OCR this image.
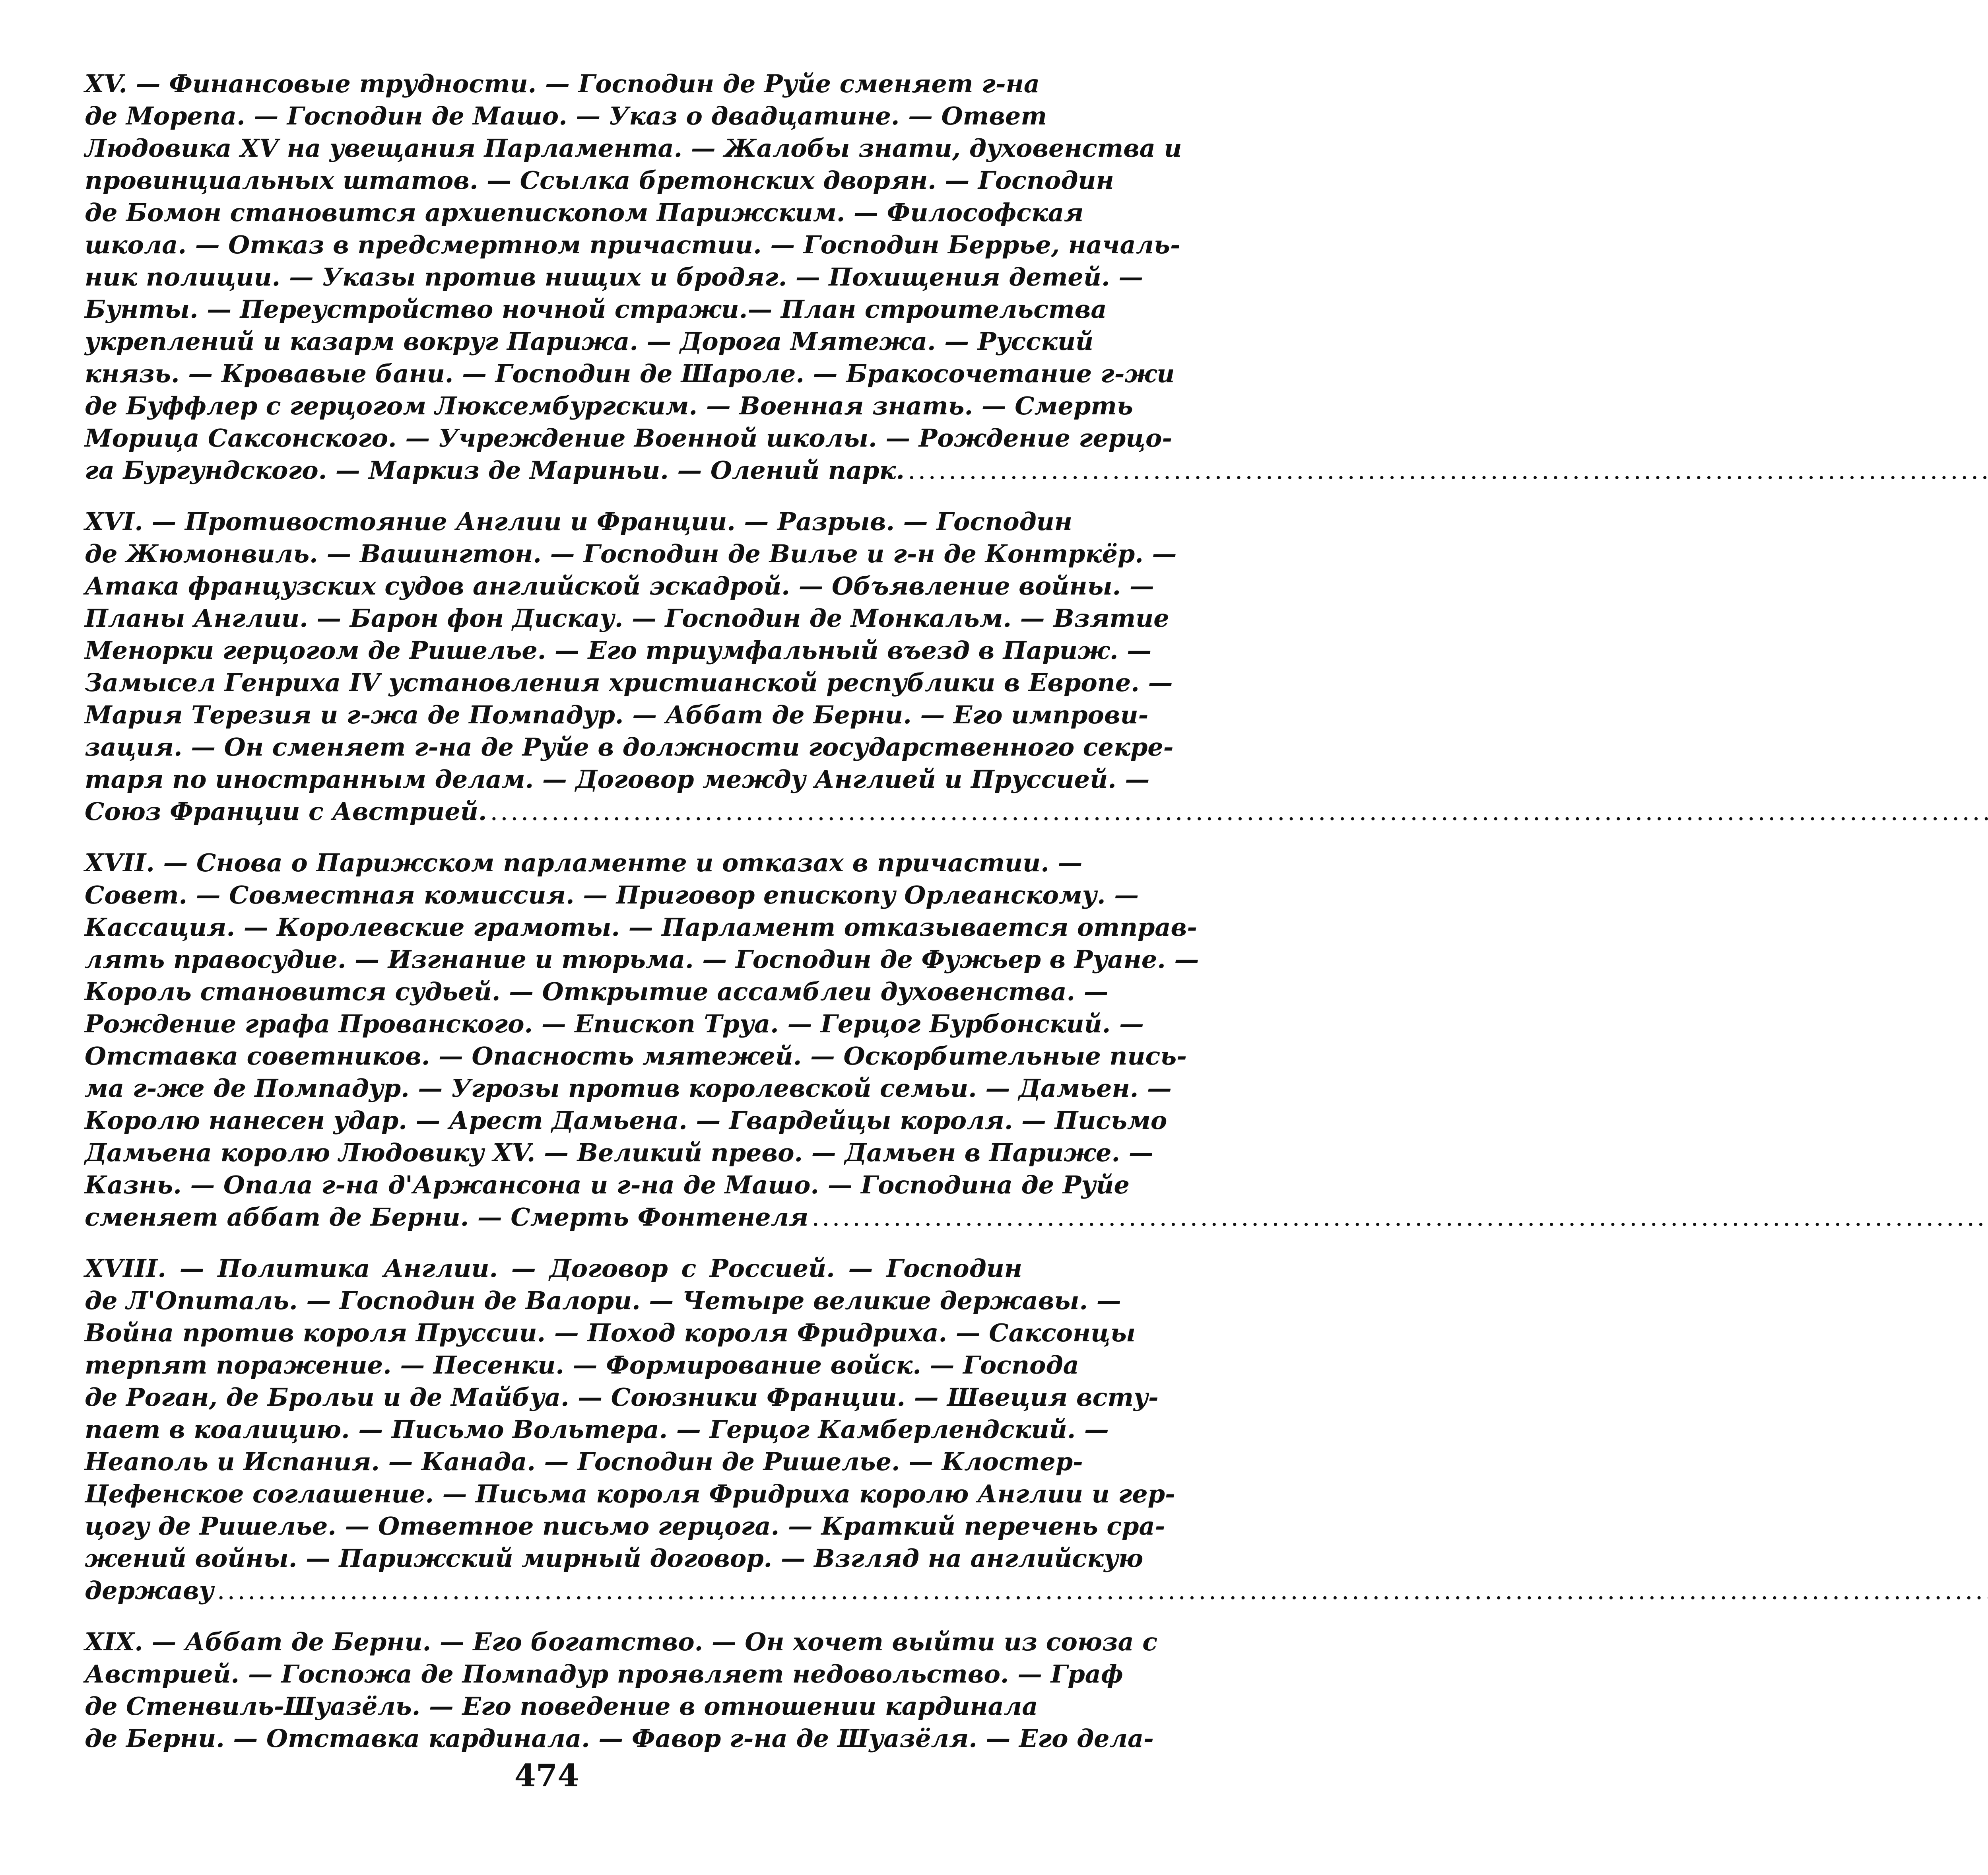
XV. — Финансовые трудности. — Господин де Руйе сменяет г-на
де Морепа. — Господин де Машо. — Указ о двадцатине. — Ответ
Людовика XV на увещания Парламента. — Жалобы знати, духовенства и
провинциальных штатов. — Ссылка бретонских дворян. — Господин
де Бомон становится архиепископом Парижским. — Философская
школа. — Отказ в предсмертном причастии. — Господин Беррье, началь-
ник полиции. — Указы против нищих и бродяг. — Похищения детей. —
Бунты. — Переустройство ночной стражи.— План строительства
укреплений и казарм вокруг Парижа. — Дорога Мятежа. — Русский
князь. — Кровавые бани. — Господин де Шароле. — Бракосочетание г-жи
де Буффлер с герцогом Люксембургским. — Военная знать. — Смерть
Морица Саксонского. — Учреждение Военной школы. — Рождение герцо-
га Бургундского. — Маркиз де Мариньи. — Олений парк.
.....
XVI. — Противостояние Англии и Франции. — Разрыв. — Господин
де Жюмонвиль. — Вашингтон. — Господин де Вилье и г-н де Контркёр. —
Атака французских судов английской эскадрой. — Объявление войны. —
Планы Англии. — Барон фон Дискау. — Господин де Монкальм. — Взятие
Менорки герцогом де Ришелье. — Его триумфальный въезд в Париж. —
Замысел Генриха IV установления христианской республики в Европе. —
Мария Терезия и г-жа де Помпадур. — Аббат де Берни. — Его импрови-
зация. — Он сменяет г-на де Руйе в должности государственного секре-
таря по иностранным делам. — Договор между Англией и Пруссией. —
Союз Франции с Австрией.
.....
XVII. — Снова о Парижском парламенте и отказах в причастии. —
Совет. — Совместная комиссия. — Приговор епископу Орлеанскому. —
Кассация. — Королевские грамоты. — Парламент отказывается отправ-
лять правосудие. — Изгнание и тюрьма. — Господин де Фужьер в Руане. —
Король становится судьей. — Открытие ассамблеи духовенства. —
Рождение графа Прованского. — Епископ Труа. — Герцог Бурбонский. —
Отставка советников. — Опасность мятежей. — Оскорбительные пись-
ма г-же де Помпадур. — Угрозы против королевской семьи. — Дамьен. —
Королю нанесен удар. — Арест Дамьена. — Гвардейцы короля. — Письмо
Дамьена королю Людовику XV. — Великий прево. — Дамьен в Париже. —
Казнь. — Опала г-на д'Аржансона и г-на де Машо. — Господина де Руйе
сменяет аббат де Берни. — Смерть Фонтенеля
.....
XVIII. — Политика Англии. — Договор с Россией. — Господин
де Л'Опиталь. — Господин де Валори. — Четыре великие державы. —
Война против короля Пруссии. — Поход короля Фридриха. — Саксонцы
терпят поражение. — Песенки. — Формирование войск. — Господа
де Роган, де Брольи и де Майбуа. — Союзники Франции. — Швеция всту-
пает в коалицию. — Письмо Вольтера. — Герцог Камберлендский. —
Неаполь и Испания. — Канада. — Господин де Ришелье. — Клостер-
Цефенское соглашение. — Письма короля Фридриха королю Англии и гер-
цогу де Ришелье. — Ответное письмо герцога. — Краткий перечень сра-
жений войны. — Парижский мирный договор. — Взгляд на английскую
державу
.....
XIX. — Аббат де Берни. — Его богатство. — Он хочет выйти из союза с
Австрией. — Госпожа де Помпадур проявляет недовольство. — Граф
де Стенвиль-Шуазёль. — Его поведение в отношении кардинала
де Берни. — Отставка кардинала. — Фавор г-на де Шуазёля. — Его дела-
474
